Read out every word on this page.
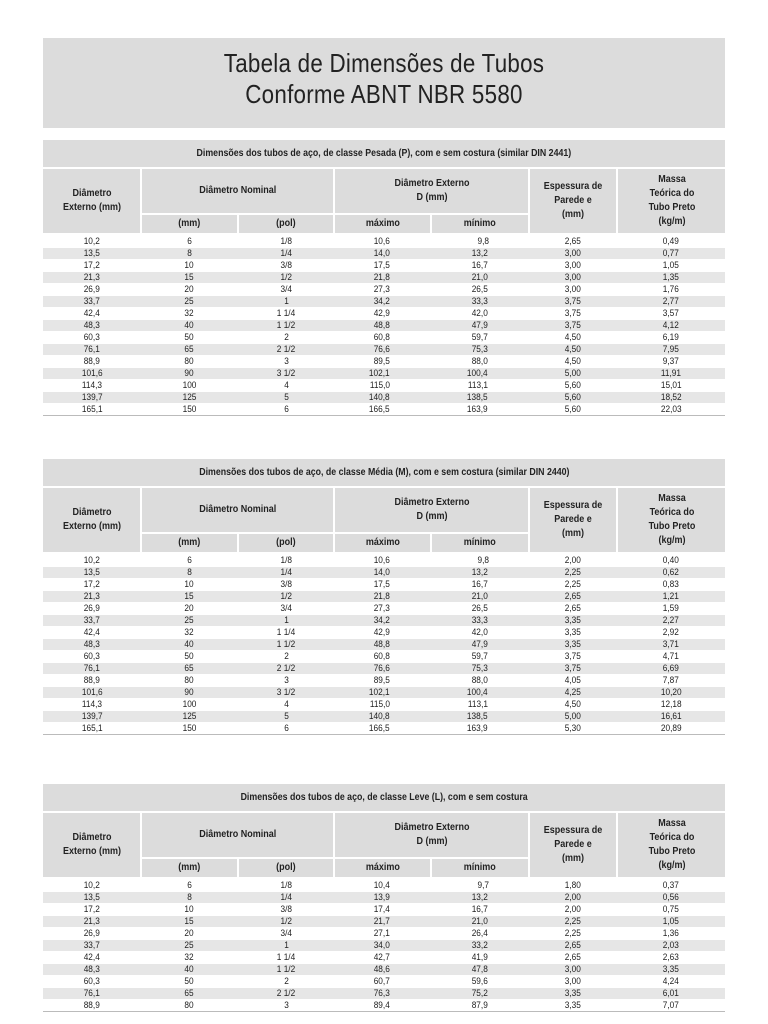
Tabela de Dimensões de Tubos
Conforme ABNT NBR 5580
Dimensões dos tubos de aço, de classe Pesada (P), com e sem costura (similar DIN 2441)
Diâmetro Externo (mm)	Diâmetro Nominal		Diâmetro Externo D (mm)		Espessura de Parede e (mm)	Massa Teórica do Tubo Preto (kg/m)
	(mm)	(pol)	máximo	mínimo		
10,2	6	1/8	10,6	9,8	2,65	0,49
13,5	8	1/4	14,0	13,2	3,00	0,77
17,2	10	3/8	17,5	16,7	3,00	1,05
21,3	15	1/2	21,8	21,0	3,00	1,35
26,9	20	3/4	27,3	26,5	3,00	1,76
33,7	25	1	34,2	33,3	3,75	2,77
42,4	32	1 1/4	42,9	42,0	3,75	3,57
48,3	40	1 1/2	48,8	47,9	3,75	4,12
60,3	50	2	60,8	59,7	4,50	6,19
76,1	65	2 1/2	76,6	75,3	4,50	7,95
88,9	80	3	89,5	88,0	4,50	9,37
101,6	90	3 1/2	102,1	100,4	5,00	11,91
114,3	100	4	115,0	113,1	5,60	15,01
139,7	125	5	140,8	138,5	5,60	18,52
165,1	150	6	166,5	163,9	5,60	22,03
Dimensões dos tubos de aço, de classe Média (M), com e sem costura (similar DIN 2440)
Diâmetro Externo (mm)	Diâmetro Nominal		Diâmetro Externo D (mm)		Espessura de Parede e (mm)	Massa Teórica do Tubo Preto (kg/m)
	(mm)	(pol)	máximo	mínimo		
10,2	6	1/8	10,6	9,8	2,00	0,40
13,5	8	1/4	14,0	13,2	2,25	0,62
17,2	10	3/8	17,5	16,7	2,25	0,83
21,3	15	1/2	21,8	21,0	2,65	1,21
26,9	20	3/4	27,3	26,5	2,65	1,59
33,7	25	1	34,2	33,3	3,35	2,27
42,4	32	1 1/4	42,9	42,0	3,35	2,92
48,3	40	1 1/2	48,8	47,9	3,35	3,71
60,3	50	2	60,8	59,7	3,75	4,71
76,1	65	2 1/2	76,6	75,3	3,75	6,69
88,9	80	3	89,5	88,0	4,05	7,87
101,6	90	3 1/2	102,1	100,4	4,25	10,20
114,3	100	4	115,0	113,1	4,50	12,18
139,7	125	5	140,8	138,5	5,00	16,61
165,1	150	6	166,5	163,9	5,30	20,89
Dimensões dos tubos de aço, de classe Leve (L), com e sem costura
Diâmetro Externo (mm)	Diâmetro Nominal		Diâmetro Externo D (mm)		Espessura de Parede e (mm)	Massa Teórica do Tubo Preto (kg/m)
	(mm)	(pol)	máximo	mínimo		
10,2	6	1/8	10,4	9,7	1,80	0,37
13,5	8	1/4	13,9	13,2	2,00	0,56
17,2	10	3/8	17,4	16,7	2,00	0,75
21,3	15	1/2	21,7	21,0	2,25	1,05
26,9	20	3/4	27,1	26,4	2,25	1,36
33,7	25	1	34,0	33,2	2,65	2,03
42,4	32	1 1/4	42,7	41,9	2,65	2,63
48,3	40	1 1/2	48,6	47,8	3,00	3,35
60,3	50	2	60,7	59,6	3,00	4,24
76,1	65	2 1/2	76,3	75,2	3,35	6,01
88,9	80	3	89,4	87,9	3,35	7,07
